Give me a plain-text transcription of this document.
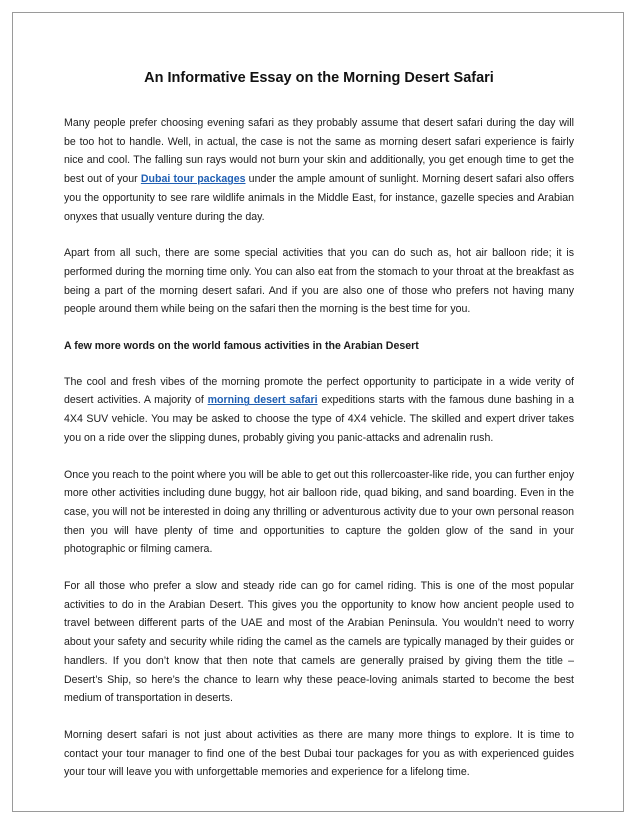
An Informative Essay on the Morning Desert Safari

Many people prefer choosing evening safari as they probably assume that desert safari during the day will be too hot to handle. Well, in actual, the case is not the same as morning desert safari experience is fairly nice and cool. The falling sun rays would not burn your skin and additionally, you get enough time to get the best out of your Dubai tour packages under the ample amount of sunlight. Morning desert safari also offers you the opportunity to see rare wildlife animals in the Middle East, for instance, gazelle species and Arabian onyxes that usually venture during the day.

Apart from all such, there are some special activities that you can do such as, hot air balloon ride; it is performed during the morning time only. You can also eat from the stomach to your throat at the breakfast as being a part of the morning desert safari. And if you are also one of those who prefers not having many people around them while being on the safari then the morning is the best time for you.

A few more words on the world famous activities in the Arabian Desert

The cool and fresh vibes of the morning promote the perfect opportunity to participate in a wide verity of desert activities. A majority of morning desert safari expeditions starts with the famous dune bashing in a 4X4 SUV vehicle. You may be asked to choose the type of 4X4 vehicle. The skilled and expert driver takes you on a ride over the slipping dunes, probably giving you panic-attacks and adrenalin rush.

Once you reach to the point where you will be able to get out this rollercoaster-like ride, you can further enjoy more other activities including dune buggy, hot air balloon ride, quad biking, and sand boarding. Even in the case, you will not be interested in doing any thrilling or adventurous activity due to your own personal reason then you will have plenty of time and opportunities to capture the golden glow of the sand in your photographic or filming camera.

For all those who prefer a slow and steady ride can go for camel riding. This is one of the most popular activities to do in the Arabian Desert. This gives you the opportunity to know how ancient people used to travel between different parts of the UAE and most of the Arabian Peninsula. You wouldn’t need to worry about your safety and security while riding the camel as the camels are typically managed by their guides or handlers. If you don’t know that then note that camels are generally praised by giving them the title – Desert’s Ship, so here’s the chance to learn why these peace-loving animals started to become the best medium of transportation in deserts.

Morning desert safari is not just about activities as there are many more things to explore. It is time to contact your tour manager to find one of the best Dubai tour packages for you as with experienced guides your tour will leave you with unforgettable memories and experience for a lifelong time.
